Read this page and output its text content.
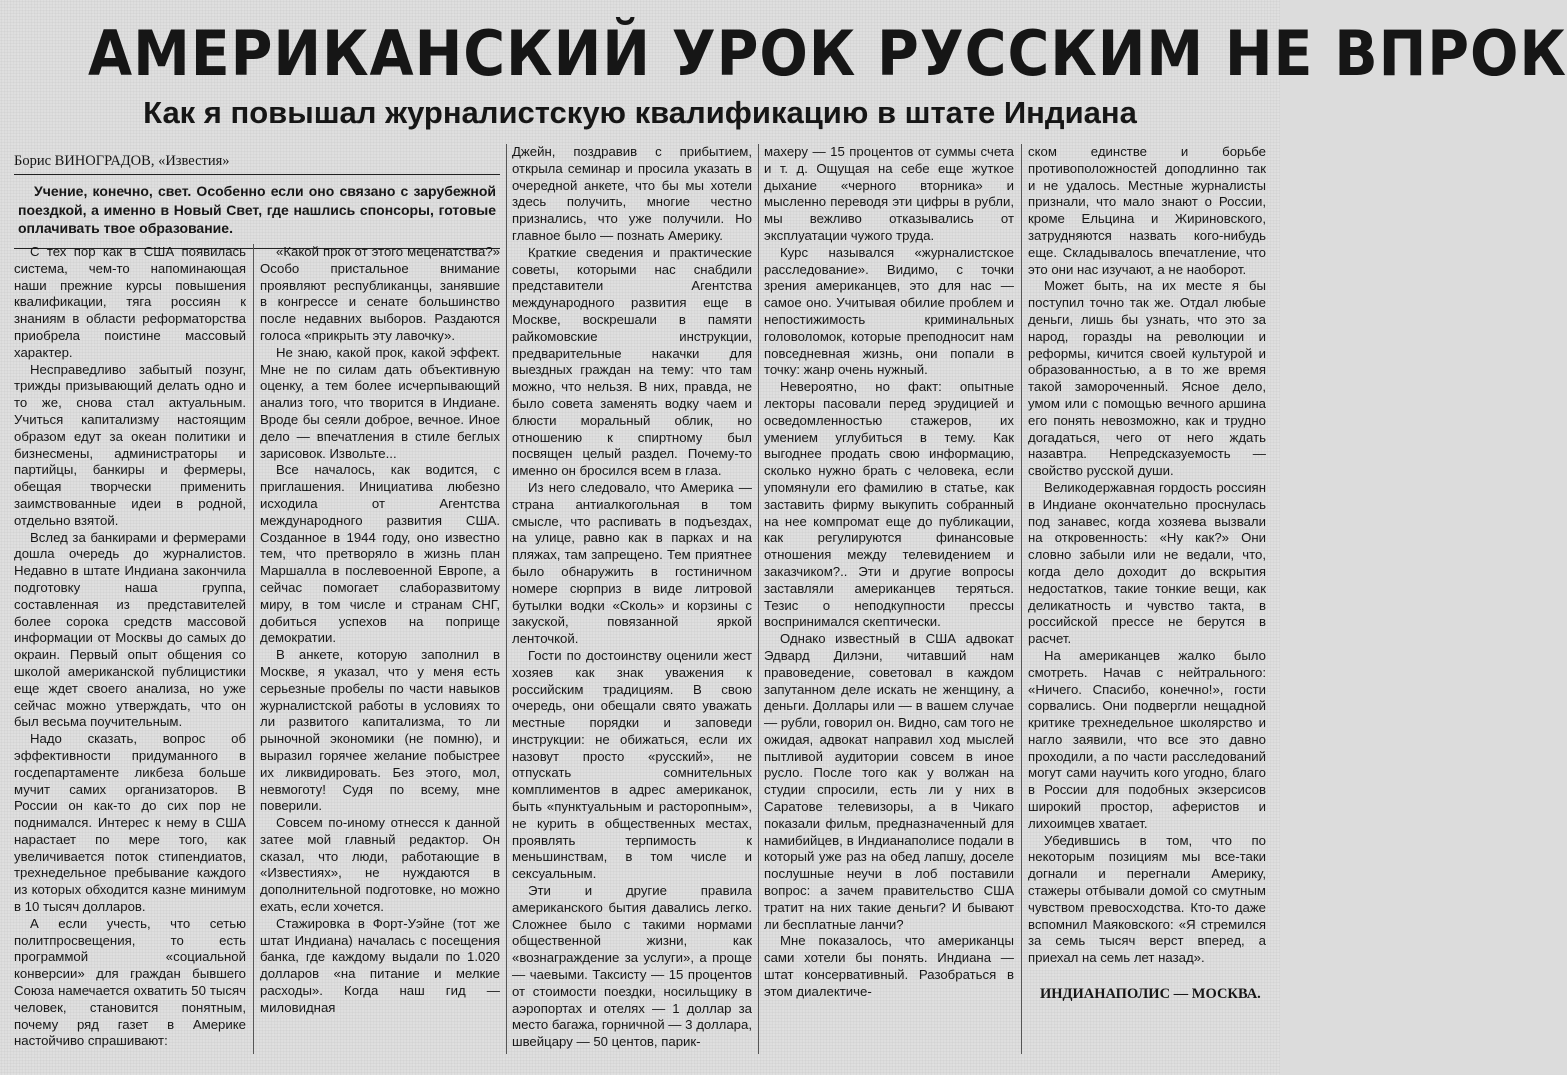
АМЕРИКАНСКИЙ УРОК РУССКИМ НЕ ВПРОК
Как я повышал журналистскую квалификацию в штате Индиана
Борис ВИНОГРАДОВ, «Известия»
Учение, конечно, свет. Особенно если оно связано с зарубежной поездкой, а именно в Новый Свет, где нашлись спонсоры, готовые оплачивать твое образование.

С тех пор как в США появилась система, чем-то напоминающая наши прежние курсы повышения квалификации, тяга россиян к знаниям в области реформаторства приобрела поистине массовый характер.

Несправедливо забытый позунг, трижды призывающий делать одно и то же, снова стал актуальным. Учиться капитализму настоящим образом едут за океан политики и бизнесмены, администраторы и партийцы, банкиры и фермеры, обещая творчески применить заимствованные идеи в родной, отдельно взятой.

Вслед за банкирами и фермерами дошла очередь до журналистов. Недавно в штате Индиана закончила подготовку наша группа, составленная из представителей более сорока средств массовой информации от Москвы до самых до окраин. Первый опыт общения со школой американской публицистики еще ждет своего анализа, но уже сейчас можно утверждать, что он был весьма поучительным.

Надо сказать, вопрос об эффективности придуманного в госдепартаменте ликбеза больше мучит самих организаторов. В России он как-то до сих пор не поднимался. Интерес к нему в США нарастает по мере того, как увеличивается поток стипендиатов, трехнедельное пребывание каждого из которых обходится казне минимум в 10 тысяч долларов.

А если учесть, что сетью политпросвещения, то есть программой «социальной конверсии» для граждан бывшего Союза намечается охватить 50 тысяч человек, становится понятным, почему ряд газет в Америке настойчиво спрашивают:

«Какой прок от этого меценатства?» Особо пристальное внимание проявляют республиканцы, занявшие в конгрессе и сенате большинство после недавних выборов. Раздаются голоса «прикрыть эту лавочку».

Не знаю, какой прок, какой эффект. Мне не по силам дать объективную оценку, а тем более исчерпывающий анализ того, что творится в Индиане. Вроде бы сеяли доброе, вечное. Иное дело — впечатления в стиле беглых зарисовок. Извольте...

Все началось, как водится, с приглашения. Инициатива любезно исходила от Агентства международного развития США. Созданное в 1944 году, оно известно тем, что претворяло в жизнь план Маршалла в послевоенной Европе, а сейчас помогает слаборазвитому миру, в том числе и странам СНГ, добиться успехов на поприще демократии.

В анкете, которую заполнил в Москве, я указал, что у меня есть серьезные пробелы по части навыков журналистской работы в условиях то ли развитого капитализма, то ли рыночной экономики (не помню), и выразил горячее желание побыстрее их ликвидировать. Без этого, мол, невмоготу! Судя по всему, мне поверили.

Совсем по-иному отнесся к данной затее мой главный редактор. Он сказал, что люди, работающие в «Известиях», не нуждаются в дополнительной подготовке, но можно ехать, если хочется.

Стажировка в Форт-Уэйне (тот же штат Индиана) началась с посещения банка, где каждому выдали по 1.020 долларов «на питание и мелкие расходы». Когда наш гид — миловидная

Джейн, поздравив с прибытием, открыла семинар и просила указать в очередной анкете, что бы мы хотели здесь получить, многие честно признались, что уже получили. Но главное было — познать Америку.

Краткие сведения и практические советы, которыми нас снабдили представители Агентства международного развития еще в Москве, воскрешали в памяти райкомовские инструкции, предварительные накачки для выездных граждан на тему: что там можно, что нельзя. В них, правда, не было совета заменять водку чаем и блюсти моральный облик, но отношению к спиртному был посвящен целый раздел. Почему-то именно он бросился всем в глаза.

Из него следовало, что Америка — страна антиалкогольная в том смысле, что распивать в подъездах, на улице, равно как в парках и на пляжах, там запрещено. Тем приятнее было обнаружить в гостиничном номере сюрприз в виде литровой бутылки водки «Сколь» и корзины с закуской, повязанной яркой ленточкой.

Гости по достоинству оценили жест хозяев как знак уважения к российским традициям. В свою очередь, они обещали свято уважать местные порядки и заповеди инструкции: не обижаться, если их назовут просто «русский», не отпускать сомнительных комплиментов в адрес американок, быть «пунктуальным и расторопным», не курить в общественных местах, проявлять терпимость к меньшинствам, в том числе и сексуальным.

Эти и другие правила американского бытия давались легко. Сложнее было с такими нормами общественной жизни, как «вознаграждение за услуги», а проще — чаевыми. Таксисту — 15 процентов от стоимости поездки, носильщику в аэропортах и отелях — 1 доллар за место багажа, горничной — 3 доллара, швейцару — 50 центов, парик-

махеру — 15 процентов от суммы счета и т. д. Ощущая на себе еще жуткое дыхание «черного вторника» и мысленно переводя эти цифры в рубли, мы вежливо отказывались от эксплуатации чужого труда.

Курс назывался «журналистское расследование». Видимо, с точки зрения американцев, это для нас — самое оно. Учитывая обилие проблем и непостижимость криминальных головоломок, которые преподносит нам повседневная жизнь, они попали в точку: жанр очень нужный.

Невероятно, но факт: опытные лекторы пасовали перед эрудицией и осведомленностью стажеров, их умением углубиться в тему. Как выгоднее продать свою информацию, сколько нужно брать с человека, если упомянули его фамилию в статье, как заставить фирму выкупить собранный на нее компромат еще до публикации, как регулируются финансовые отношения между телевидением и заказчиком?.. Эти и другие вопросы заставляли американцев теряться. Тезис о неподкупности прессы воспринимался скептически.

Однако известный в США адвокат Эдвард Дилэни, читавший нам правоведение, советовал в каждом запутанном деле искать не женщину, а деньги. Доллары или — в вашем случае — рубли, говорил он. Видно, сам того не ожидая, адвокат направил ход мыслей пытливой аудитории совсем в иное русло. После того как у волжан на студии спросили, есть ли у них в Саратове телевизоры, а в Чикаго показали фильм, предназначенный для намибийцев, в Индианаполисе подали в который уже раз на обед лапшу, доселе послушные неучи в лоб поставили вопрос: а зачем правительство США тратит на них такие деньги? И бывают ли бесплатные ланчи?

Мне показалось, что американцы сами хотели бы понять. Индиана — штат консервативный. Разобраться в этом диалектиче-

ском единстве и борьбе противоположностей доподлинно так и не удалось. Местные журналисты признали, что мало знают о России, кроме Ельцина и Жириновского, затрудняются назвать кого-нибудь еще. Складывалось впечатление, что это они нас изучают, а не наоборот.

Может быть, на их месте я бы поступил точно так же. Отдал любые деньги, лишь бы узнать, что это за народ, горазды на революции и реформы, кичится своей культурой и образованностью, а в то же время такой замороченный. Ясное дело, умом или с помощью вечного аршина его понять невозможно, как и трудно догадаться, чего от него ждать назавтра. Непредсказуемость — свойство русской души.

Великодержавная гордость россиян в Индиане окончательно проснулась под занавес, когда хозяева вызвали на откровенность: «Ну как?» Они словно забыли или не ведали, что, когда дело доходит до вскрытия недостатков, такие тонкие вещи, как деликатность и чувство такта, в российской прессе не берутся в расчет.

На американцев жалко было смотреть. Начав с нейтрального: «Ничего. Спасибо, конечно!», гости сорвались. Они подвергли нещадной критике трехнедельное школярство и нагло заявили, что все это давно проходили, а по части расследований могут сами научить кого угодно, благо в России для подобных экзерсисов широкий простор, аферистов и лихоимцев хватает.

Убедившись в том, что по некоторым позициям мы все-таки догнали и перегнали Америку, стажеры отбывали домой со смутным чувством превосходства. Кто-то даже вспомнил Маяковского: «Я стремился за семь тысяч верст вперед, а приехал на семь лет назад».

ИНДИАНАПОЛИС — МОСКВА.
